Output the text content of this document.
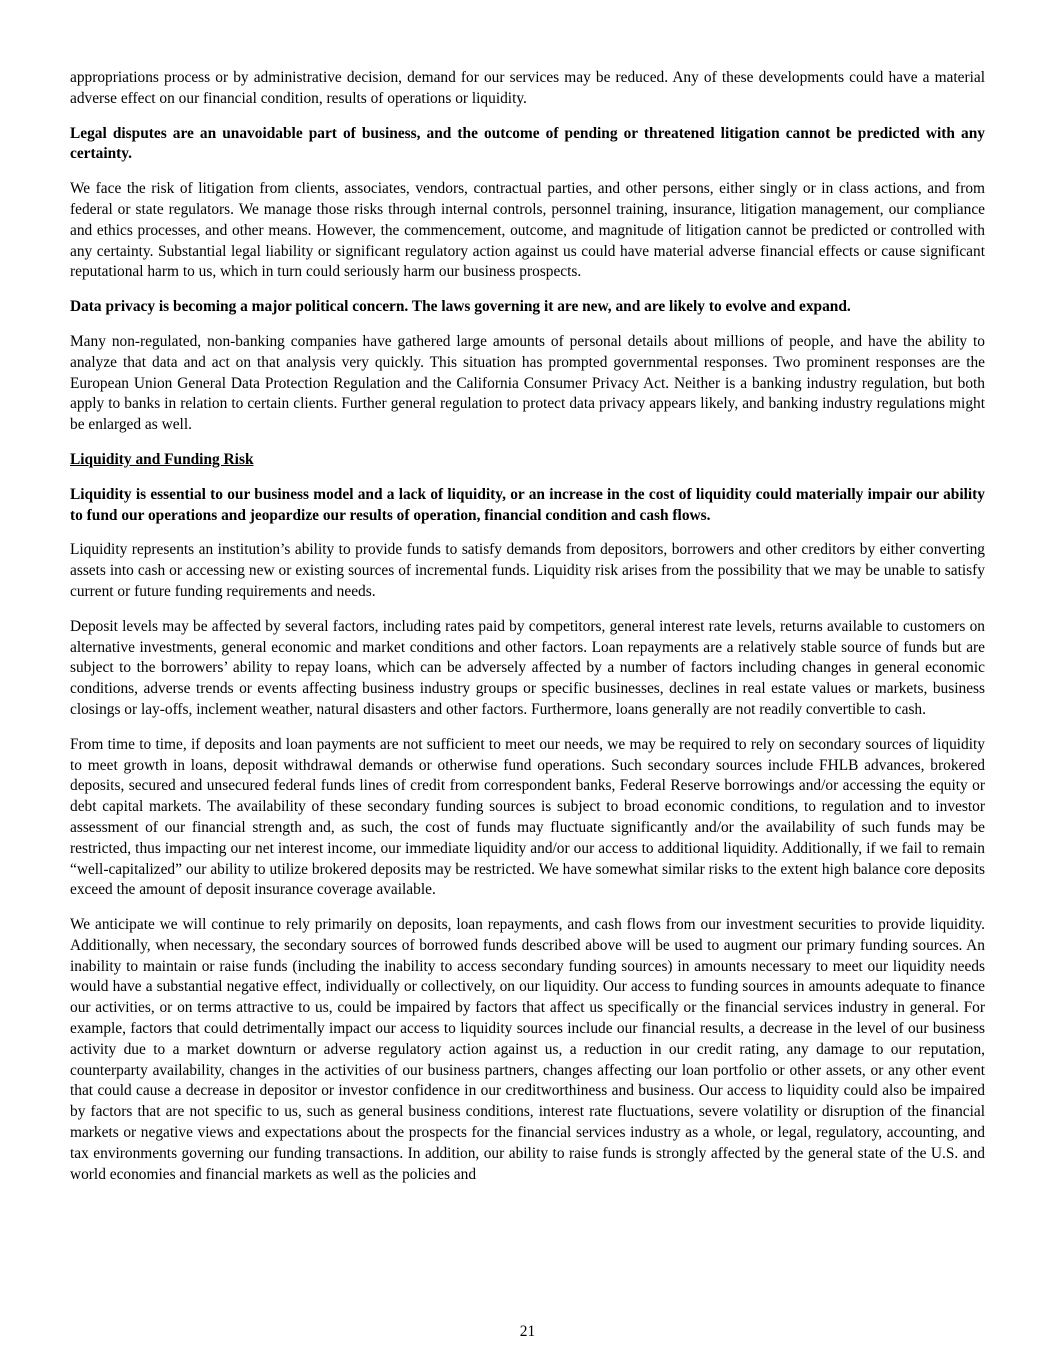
appropriations process or by administrative decision, demand for our services may be reduced. Any of these developments could have a material adverse effect on our financial condition, results of operations or liquidity.

Legal disputes are an unavoidable part of business, and the outcome of pending or threatened litigation cannot be predicted with any certainty.

We face the risk of litigation from clients, associates, vendors, contractual parties, and other persons, either singly or in class actions, and from federal or state regulators. We manage those risks through internal controls, personnel training, insurance, litigation management, our compliance and ethics processes, and other means. However, the commencement, outcome, and magnitude of litigation cannot be predicted or controlled with any certainty. Substantial legal liability or significant regulatory action against us could have material adverse financial effects or cause significant reputational harm to us, which in turn could seriously harm our business prospects.

Data privacy is becoming a major political concern. The laws governing it are new, and are likely to evolve and expand.

Many non-regulated, non-banking companies have gathered large amounts of personal details about millions of people, and have the ability to analyze that data and act on that analysis very quickly. This situation has prompted governmental responses. Two prominent responses are the European Union General Data Protection Regulation and the California Consumer Privacy Act. Neither is a banking industry regulation, but both apply to banks in relation to certain clients. Further general regulation to protect data privacy appears likely, and banking industry regulations might be enlarged as well.

Liquidity and Funding Risk

Liquidity is essential to our business model and a lack of liquidity, or an increase in the cost of liquidity could materially impair our ability to fund our operations and jeopardize our results of operation, financial condition and cash flows.

Liquidity represents an institution’s ability to provide funds to satisfy demands from depositors, borrowers and other creditors by either converting assets into cash or accessing new or existing sources of incremental funds. Liquidity risk arises from the possibility that we may be unable to satisfy current or future funding requirements and needs.

Deposit levels may be affected by several factors, including rates paid by competitors, general interest rate levels, returns available to customers on alternative investments, general economic and market conditions and other factors. Loan repayments are a relatively stable source of funds but are subject to the borrowers’ ability to repay loans, which can be adversely affected by a number of factors including changes in general economic conditions, adverse trends or events affecting business industry groups or specific businesses, declines in real estate values or markets, business closings or lay-offs, inclement weather, natural disasters and other factors. Furthermore, loans generally are not readily convertible to cash.

From time to time, if deposits and loan payments are not sufficient to meet our needs, we may be required to rely on secondary sources of liquidity to meet growth in loans, deposit withdrawal demands or otherwise fund operations. Such secondary sources include FHLB advances, brokered deposits, secured and unsecured federal funds lines of credit from correspondent banks, Federal Reserve borrowings and/or accessing the equity or debt capital markets. The availability of these secondary funding sources is subject to broad economic conditions, to regulation and to investor assessment of our financial strength and, as such, the cost of funds may fluctuate significantly and/or the availability of such funds may be restricted, thus impacting our net interest income, our immediate liquidity and/or our access to additional liquidity. Additionally, if we fail to remain “well-capitalized” our ability to utilize brokered deposits may be restricted. We have somewhat similar risks to the extent high balance core deposits exceed the amount of deposit insurance coverage available.

We anticipate we will continue to rely primarily on deposits, loan repayments, and cash flows from our investment securities to provide liquidity. Additionally, when necessary, the secondary sources of borrowed funds described above will be used to augment our primary funding sources. An inability to maintain or raise funds (including the inability to access secondary funding sources) in amounts necessary to meet our liquidity needs would have a substantial negative effect, individually or collectively, on our liquidity. Our access to funding sources in amounts adequate to finance our activities, or on terms attractive to us, could be impaired by factors that affect us specifically or the financial services industry in general. For example, factors that could detrimentally impact our access to liquidity sources include our financial results, a decrease in the level of our business activity due to a market downturn or adverse regulatory action against us, a reduction in our credit rating, any damage to our reputation, counterparty availability, changes in the activities of our business partners, changes affecting our loan portfolio or other assets, or any other event that could cause a decrease in depositor or investor confidence in our creditworthiness and business. Our access to liquidity could also be impaired by factors that are not specific to us, such as general business conditions, interest rate fluctuations, severe volatility or disruption of the financial markets or negative views and expectations about the prospects for the financial services industry as a whole, or legal, regulatory, accounting, and tax environments governing our funding transactions. In addition, our ability to raise funds is strongly affected by the general state of the U.S. and world economies and financial markets as well as the policies and

21
